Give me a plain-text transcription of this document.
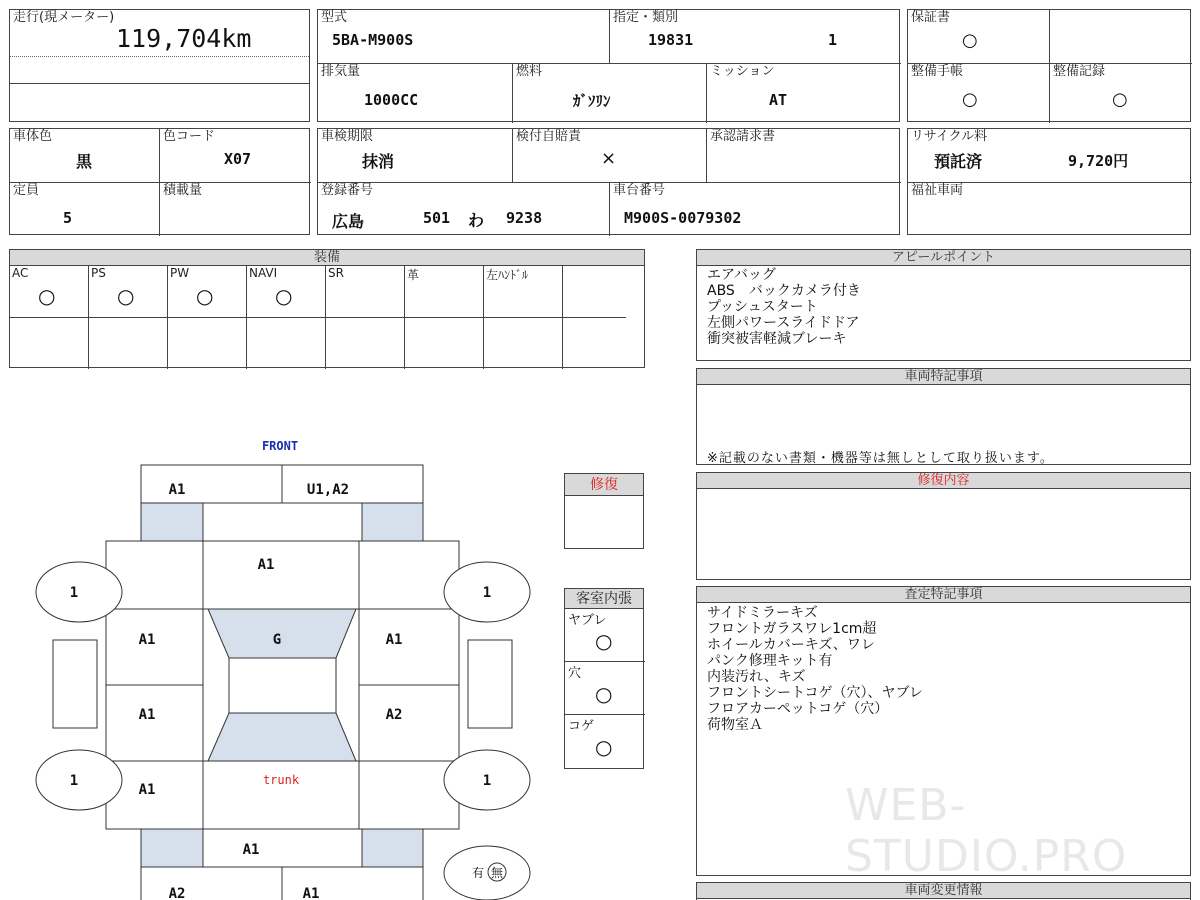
走行(現メーター)
119,704km
型式
5BA-M900S
指定・類別
19831	1
排気量
1000CC
燃料
ｶﾞｿﾘﾝ
ミッション
AT
保証書
○
整備手帳
○
整備記録
○
車体色
黒
色コード
X07
定員
5
積載量
車検期限
抹消
検付自賠責
×
承認請求書
登録番号
広島	501 わ 9238
車台番号
M900S-0079302
リサイクル料
預託済	9,720円
福祉車両
装備
AC
○
PS
○
PW
○
NAVI
○
SR	革	左ﾊﾝﾄﾞﾙ
アピールポイント
エアバッグ
ABS　バックカメラ付き
プッシュスタート
左側パワースライドドア
衝突被害軽減ブレーキ
車両特記事項
※記載のない書類・機器等は無しとして取り扱います。
修復内容
査定特記事項
サイドミラーキズ
フロントガラスワレ1cm超
ホイールカバーキズ、ワレ
パンク修理キット有
内装汚れ、キズ
フロントシートコゲ（穴）、ヤブレ
フロアカーペットコゲ（穴）
荷物室Ａ
車両変更情報
修復
客室内張
ヤブレ
○
穴
○
コゲ
○
FRONT
A1	U1,A2
A1
G
A1	A1
A1	A2
A1
trunk
A1
A2	A1
1	1
1	1
有 無
WEB-STUDIO.PRO
